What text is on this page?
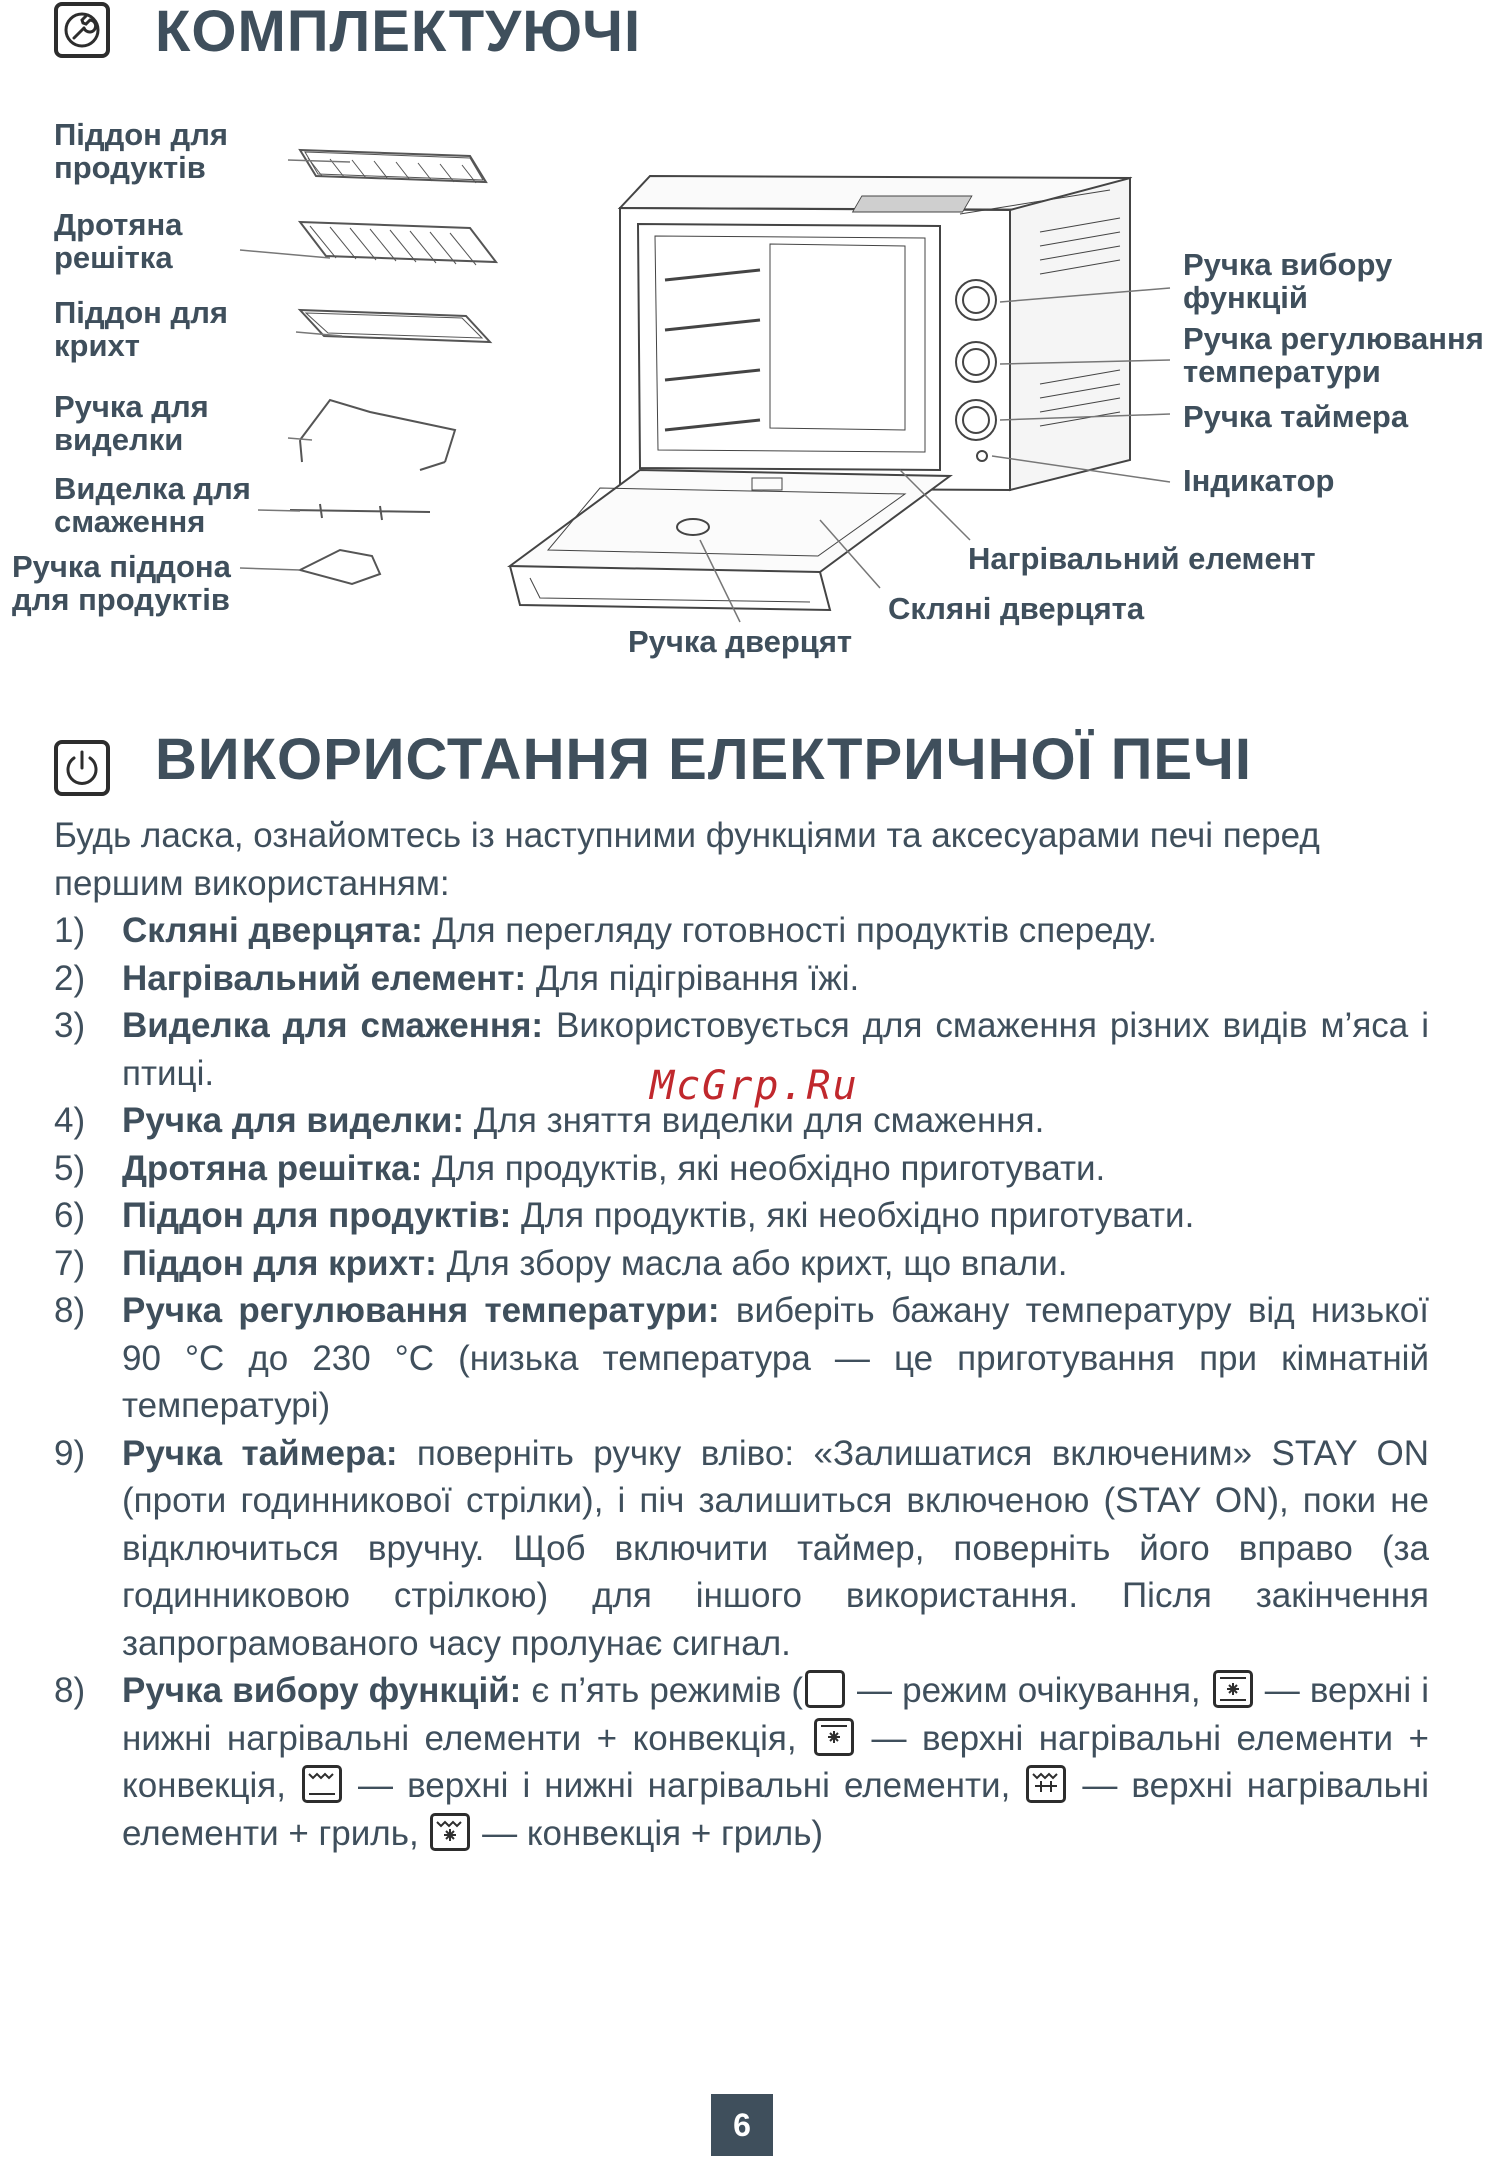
КОМПЛЕКТУЮЧІ
Піддон для
продуктів
Дротяна
решітка
Піддон для
крихт
Ручка для
виделки
Виделка для
смаження
Ручка піддона
для продуктів
Ручка вибору
функцій
Ручка регулювання
температури
Ручка таймера
Індикатор
Нагрівальний елемент
Скляні дверцята
Ручка дверцят
ВИКОРИСТАННЯ ЕЛЕКТРИЧНОЇ ПЕЧІ
Будь ласка, ознайомтесь із наступними функціями та аксесуарами печі перед першим використанням:
1)	Скляні дверцята: Для перегляду готовності продуктів спереду.
2)	Нагрівальний елемент: Для підігрівання їжі.
3)	Виделка для смаження: Використовується для смаження різних видів м’яса і птиці.
4)	Ручка для виделки: Для зняття виделки для смаження.
5)	Дротяна решітка: Для продуктів, які необхідно приготувати.
6)	Піддон для продуктів: Для продуктів, які необхідно приготувати.
7)	Піддон для крихт: Для збору масла або крихт, що впали.
8)	Ручка регулювання температури: виберіть бажану температуру від низької 90 °C до 230 °C (низька температура — це приготування при кімнатній температурі)
9)	Ручка таймера: поверніть ручку вліво: «Залишатися включеним» STAY ON (проти годинникової стрілки), і піч залишиться включеною (STAY ON), поки не відключиться вручну. Щоб включити таймер, поверніть його вправо (за годинниковою стрілкою) для іншого використання. Після закінчення запрограмованого часу пролунає сигнал.
8)	Ручка вибору функцій: є п’ять режимів ( — режим очікування,
— верхні і нижні нагрівальні елементи + конвекція,
— верхні нагрівальні елементи + конвекція,
— верхні і нижні нагрівальні елементи,
— верхні нагрівальні елементи + гриль,
— конвекція + гриль)
McGrp.Ru
6
